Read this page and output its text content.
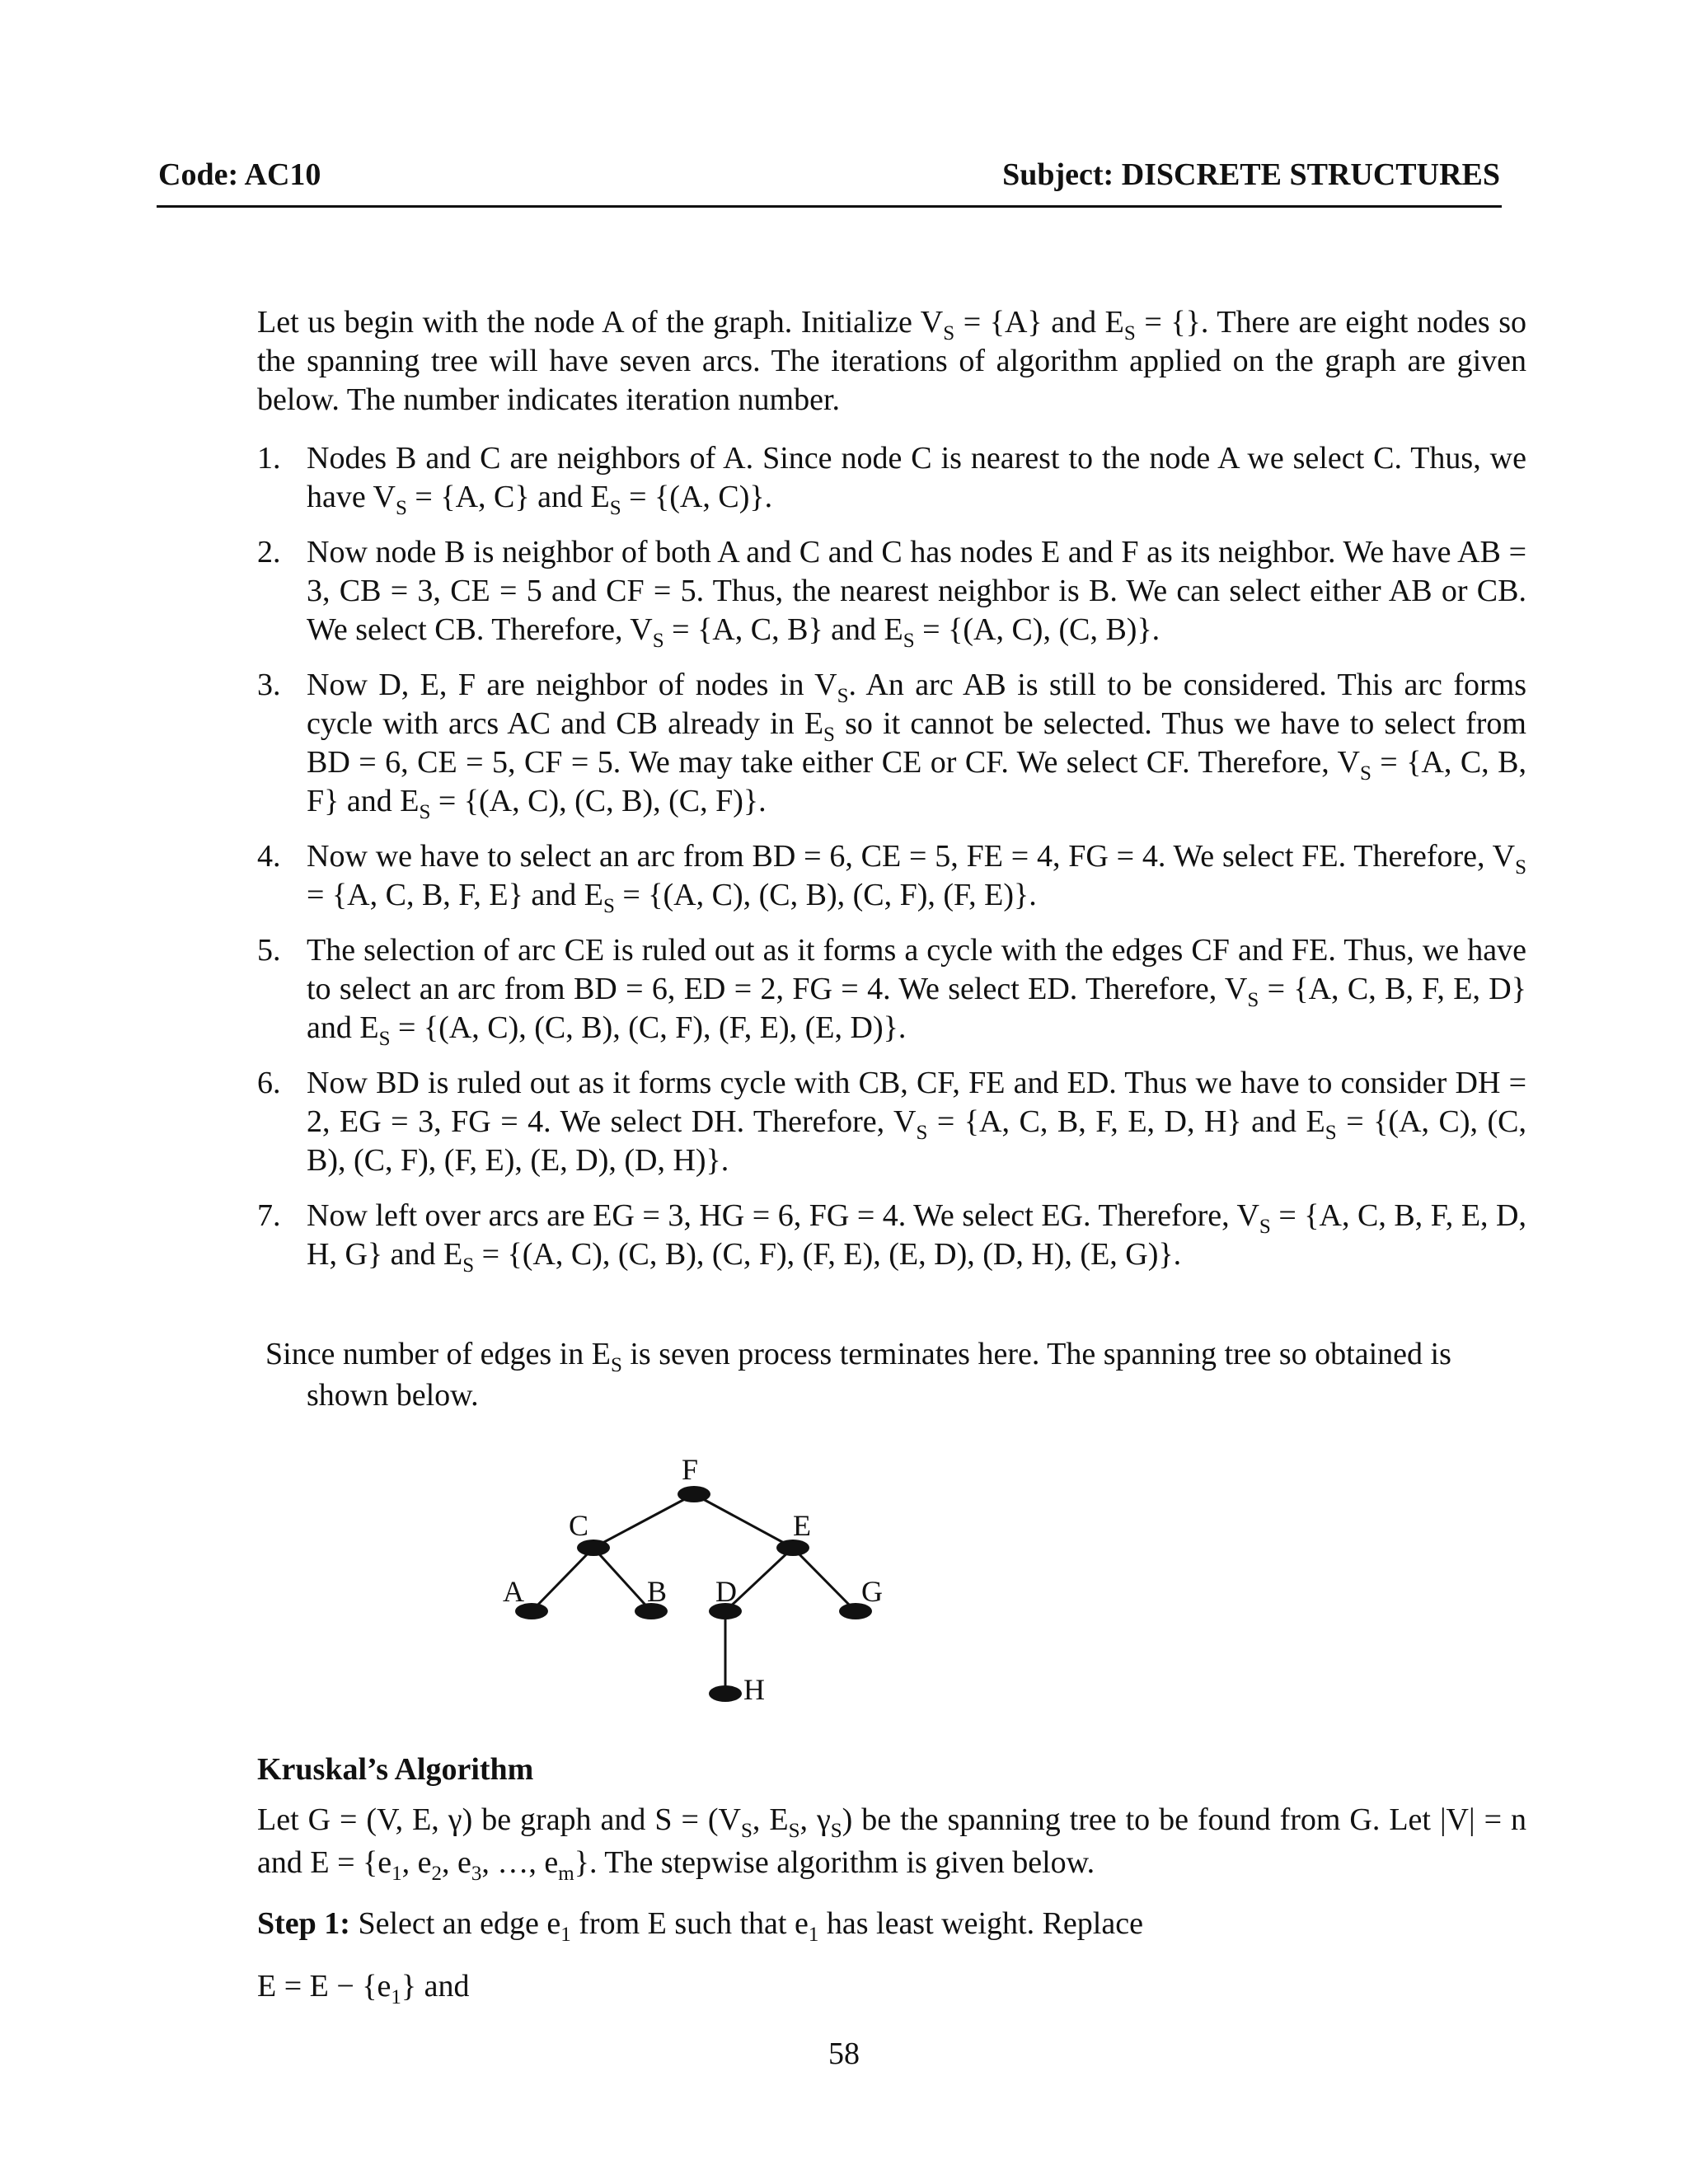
Code: AC10	Subject: DISCRETE STRUCTURES

Let us begin with the node A of the graph. Initialize $V_S = \{A\}$ and $E_S$ = {}. There are eight nodes so the spanning tree will have seven arcs. The iterations of algorithm applied on the graph are given below. The number indicates iteration number.

1. Nodes B and C are neighbors of A. Since node C is nearest to the node A we select C. Thus, we have $V_S = \{A$, C} and $E_S = \{(A$, C)}.
2. Now node B is neighbor of both A and C and C has nodes E and F as its neighbor. We have AB = 3, CB = 3, CE = 5 and CF = 5. Thus, the nearest neighbor is B. We can select either AB or CB. We select CB. Therefore, $V_S = \{A$, C, B} and $E_S = \{(A$, C), (C, B)}.
3. Now D, E, F are neighbor of nodes in $V_S$. An arc AB is still to be considered. This arc forms cycle with arcs AC and CB already in $E_S$ so it cannot be selected. Thus we have to select from BD = 6, CE = 5, CF = 5. We may take either CE or CF. We select CF. Therefore, $V_S = \{A$, C, B, F} and $E_S = \{(A$, C), (C, B), (C, F)}.
4. Now we have to select an arc from BD = 6, CE = 5, FE = 4, FG = 4. We select FE. Therefore, $V_S = \{A$, C, B, F, E} and $E_S = \{(A$, C), (C, B), (C, F), (F, E)}.
5. The selection of arc CE is ruled out as it forms a cycle with the edges CF and FE. Thus, we have to select an arc from BD = 6, ED = 2, FG = 4. We select ED. Therefore, $V_S = \{A$, C, B, F, E, D} and $E_S = \{(A$, C), (C, B), (C, F), (F, E), (E, D)}.
6. Now BD is ruled out as it forms cycle with CB, CF, FE and ED. Thus we have to consider DH = 2, EG = 3, FG = 4. We select DH. Therefore, $V_S = \{A$, C, B, F, E, D, H} and $E_S = \{(A$, C), (C, B), (C, F), (F, E), (E, D), (D, H)}.
7. Now left over arcs are EG = 3, HG = 6, FG = 4. We select EG. Therefore, $V_S = \{A$, C, B, F, E, D, H, G} and $E_S = \{(A$, C), (C, B), (C, F), (F, E), (E, D), (D, H), (E, G)}.
Since number of edges in $E_S$ is seven process terminates here. The spanning tree so obtained is
shown below.
F
C	E
A	B D	G
H
Kruskal’s Algorithm
Let G = (V, E, γ) be graph and $S = (V_S$, $E_S$, $\gamma_S$) be the spanning tree to be found from G. Let |V| = n and $E = \{e_1$, $e_2$, $e_3$, …, $e_m$}. The stepwise algorithm is given below.
Step 1: Select an edge $e_1$ from E such that $e_1$ has least weight. Replace
$E = E - \{e_1\}$ and
58
